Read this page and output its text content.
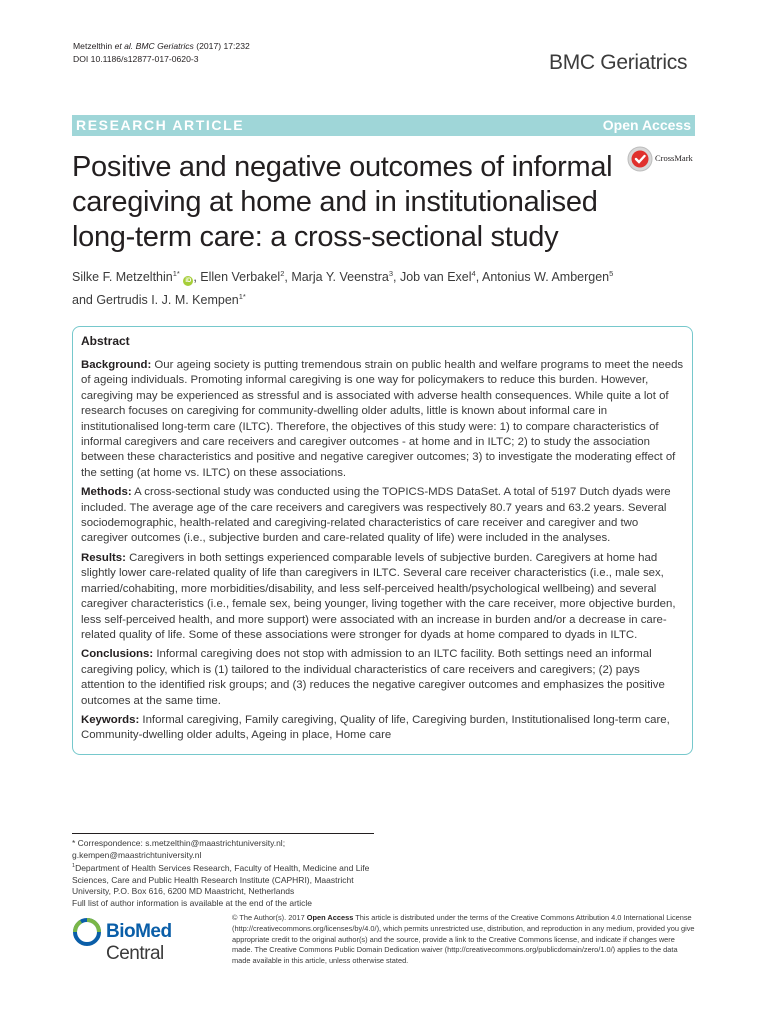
Metzelthin et al. BMC Geriatrics (2017) 17:232
DOI 10.1186/s12877-017-0620-3	BMC Geriatrics
RESEARCH ARTICLE	Open Access
Positive and negative outcomes of informal caregiving at home and in institutionalised long-term care: a cross-sectional study
CrossMark
Silke F. Metzelthin$^{1*}$ iD , Ellen Verbakel$^2$, Marja Y. Veenstra$^3$, Job van Exel$^4$, Antonius W. Ambergen$^5$
and Gertrudis I. J. M. Kempen$^{1*}$
Abstract

Background: Our ageing society is putting tremendous strain on public health and welfare programs to meet the needs of ageing individuals. Promoting informal caregiving is one way for policymakers to reduce this burden. However, caregiving may be experienced as stressful and is associated with adverse health consequences. While quite a lot of research focuses on caregiving for community-dwelling older adults, little is known about informal care in institutionalised long-term care (ILTC). Therefore, the objectives of this study were: 1) to compare characteristics of informal caregivers and care receivers and caregiver outcomes - at home and in ILTC; 2) to study the association between these characteristics and positive and negative caregiver outcomes; 3) to investigate the moderating effect of the setting (at home vs. ILTC) on these associations.

Methods: A cross-sectional study was conducted using the TOPICS-MDS DataSet. A total of 5197 Dutch dyads were included. The average age of the care receivers and caregivers was respectively 80.7 years and 63.2 years. Several sociodemographic, health-related and caregiving-related characteristics of care receiver and caregiver and two caregiver outcomes (i.e., subjective burden and care-related quality of life) were included in the analyses.

Results: Caregivers in both settings experienced comparable levels of subjective burden. Caregivers at home had slightly lower care-related quality of life than caregivers in ILTC. Several care receiver characteristics (i.e., male sex, married/cohabiting, more morbidities/disability, and less self-perceived health/psychological wellbeing) and several caregiver characteristics (i.e., female sex, being younger, living together with the care receiver, more objective burden, less self-perceived health, and more support) were associated with an increase in burden and/or a decrease in care-related quality of life. Some of these associations were stronger for dyads at home compared to dyads in ILTC.

Conclusions: Informal caregiving does not stop with admission to an ILTC facility. Both settings need an informal caregiving policy, which is (1) tailored to the individual characteristics of care receivers and caregivers; (2) pays attention to the identified risk groups; and (3) reduces the negative caregiver outcomes and emphasizes the positive outcomes at the same time.

Keywords: Informal caregiving, Family caregiving, Quality of life, Caregiving burden, Institutionalised long-term care, Community-dwelling older adults, Ageing in place, Home care

* Correspondence: s.metzelthin@maastrichtuniversity.nl;
g.kempen@maastrichtuniversity.nl
$^1$Department of Health Services Research, Faculty of Health, Medicine and Life Sciences, Care and Public Health Research Institute (CAPHRI), Maastricht University, P.O. Box 616, 6200 MD Maastricht, Netherlands
Full list of author information is available at the end of the article
BioMed Central
© The Author(s). 2017 Open Access This article is distributed under the terms of the Creative Commons Attribution 4.0 International License (http://creativecommons.org/licenses/by/4.0/), which permits unrestricted use, distribution, and reproduction in any medium, provided you give appropriate credit to the original author(s) and the source, provide a link to the Creative Commons license, and indicate if changes were made. The Creative Commons Public Domain Dedication waiver (http://creativecommons.org/publicdomain/zero/1.0/) applies to the data made available in this article, unless otherwise stated.
